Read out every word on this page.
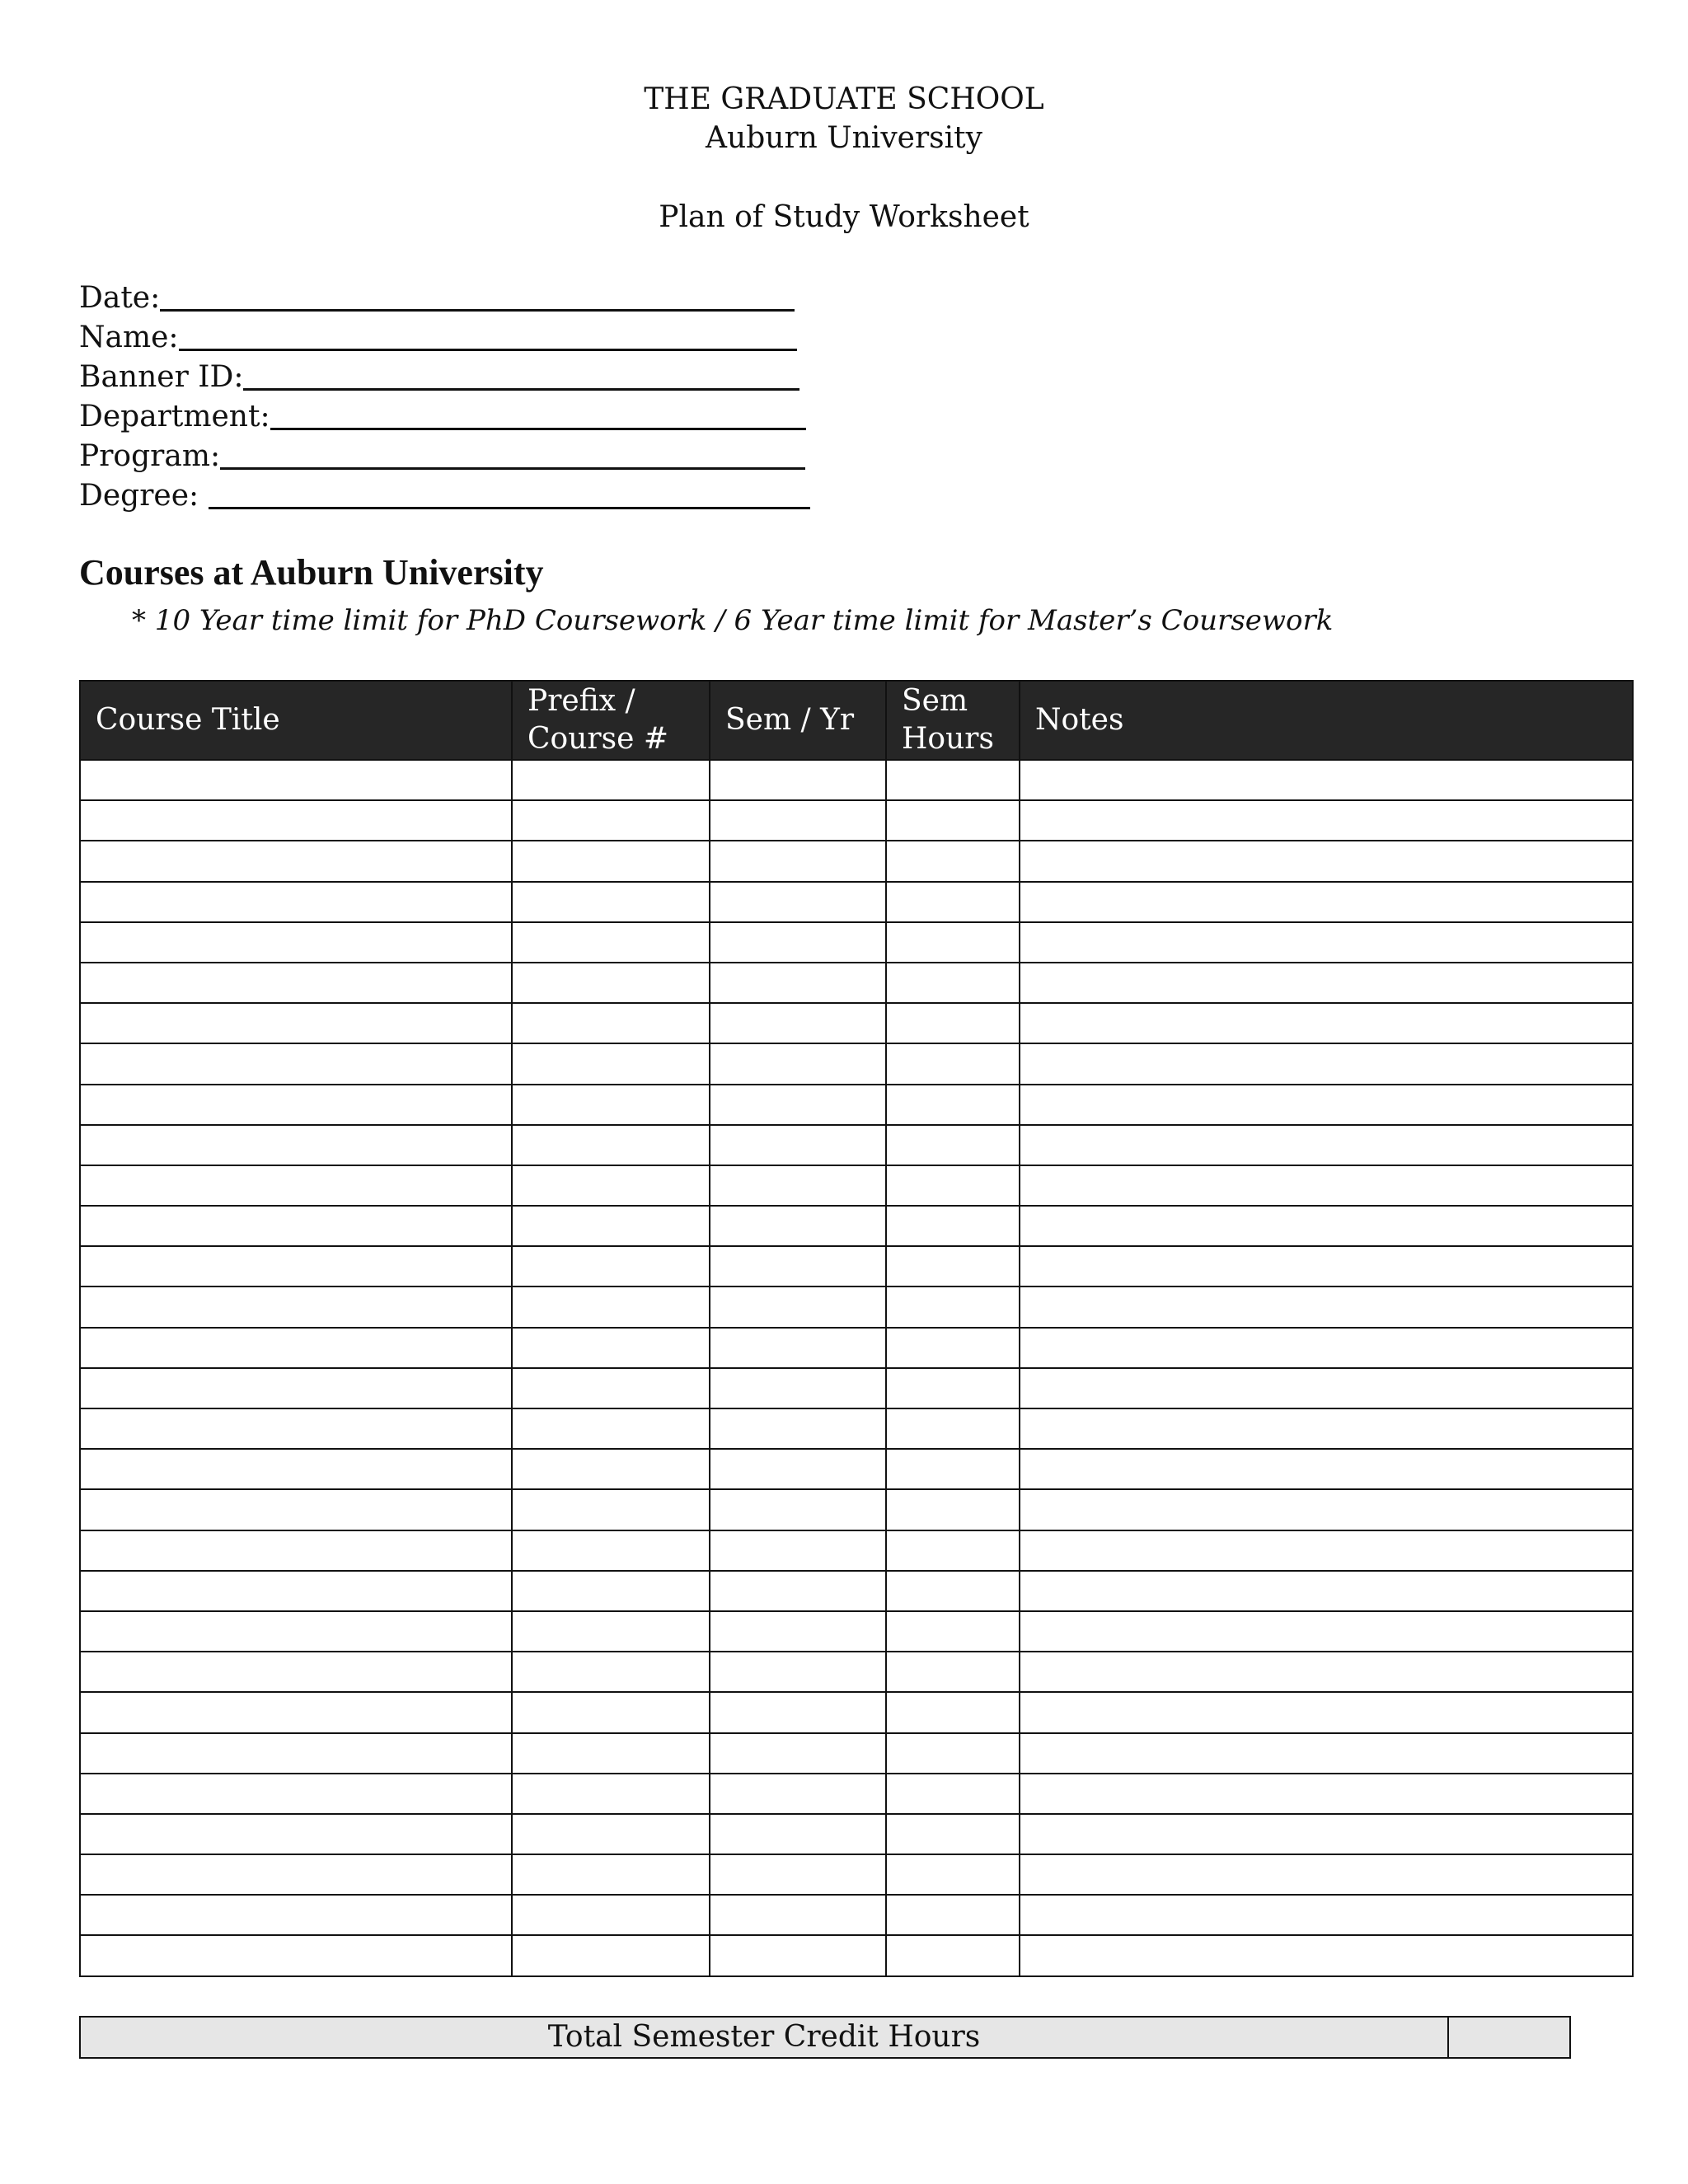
THE GRADUATE SCHOOL
Auburn University
Plan of Study Worksheet
Date:
Name:
Banner ID:
Department:
Program:
Degree:
Courses at Auburn University
* 10 Year time limit for PhD Coursework / 6 Year time limit for Master’s Coursework
Course Title	Prefix / Course #	Sem / Yr	Sem Hours	Notes

Total Semester Credit Hours	
